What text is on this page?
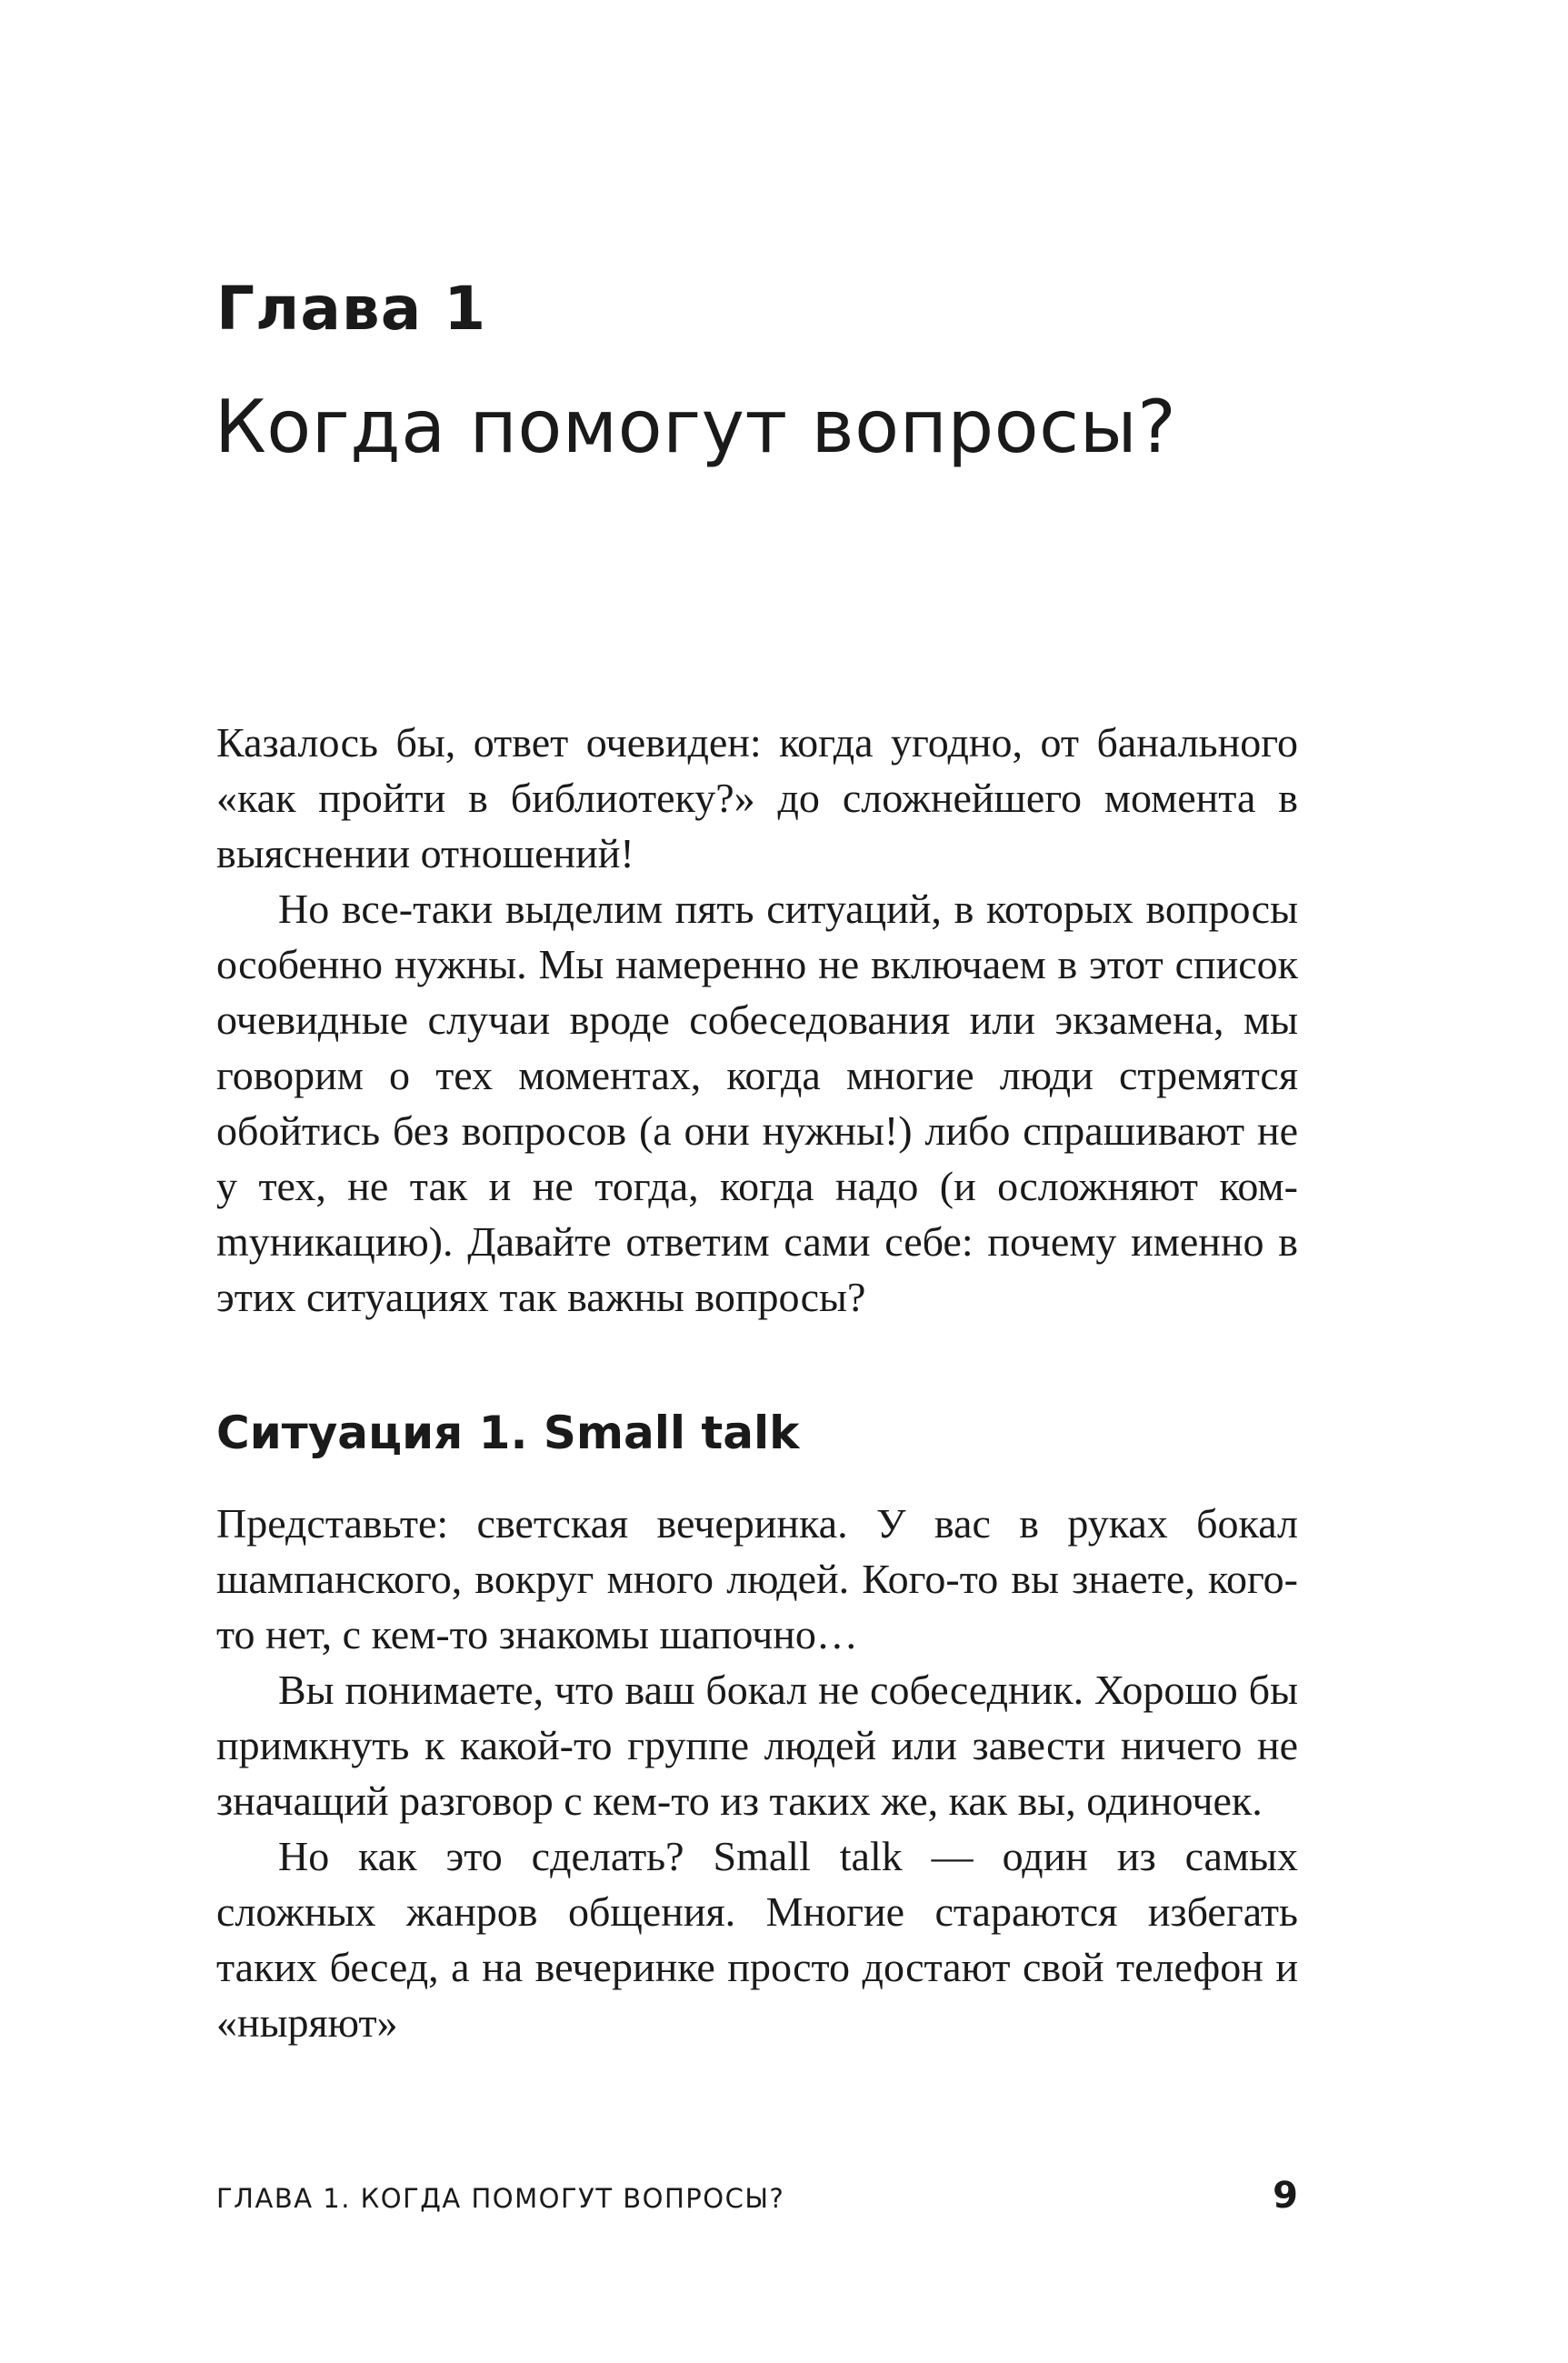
Глава 1
Когда помогут вопросы?

Казалось бы, ответ очевиден: когда угодно, от банального «как пройти в библиотеку?» до сложнейшего момента в выяснении отношений!

Но все-таки выделим пять ситуаций, в которых вопросы особенно нужны. Мы намеренно не включаем в этот список очевидные случаи вроде собеседования или экзамена, мы говорим о тех моментах, когда многие люди стремятся обойтись без вопросов (а они нужны!) либо спрашивают не у тех, не так и не тогда, когда надо (и осложняют комmуникацию). Давайте ответим сами себе: почему именно в этих ситуациях так важны вопросы?

Ситуация 1. Small talk

Представьте: светская вечеринка. У вас в руках бокал шампанского, вокруг много людей. Кого-то вы знаете, кого-то нет, с кем-то знакомы шапочно…

Вы понимаете, что ваш бокал не собеседник. Хорошо бы примкнуть к какой-то группе людей или завести ничего не значащий разговор с кем-то из таких же, как вы, одиночек.

Но как это сделать? Small talk — один из самых сложных жанров общения. Многие стараются избегать таких бесед, а на вечеринке просто достают свой телефон и «ныряют»

ГЛАВА 1. КОГДА ПОМОГУТ ВОПРОСЫ?	9
